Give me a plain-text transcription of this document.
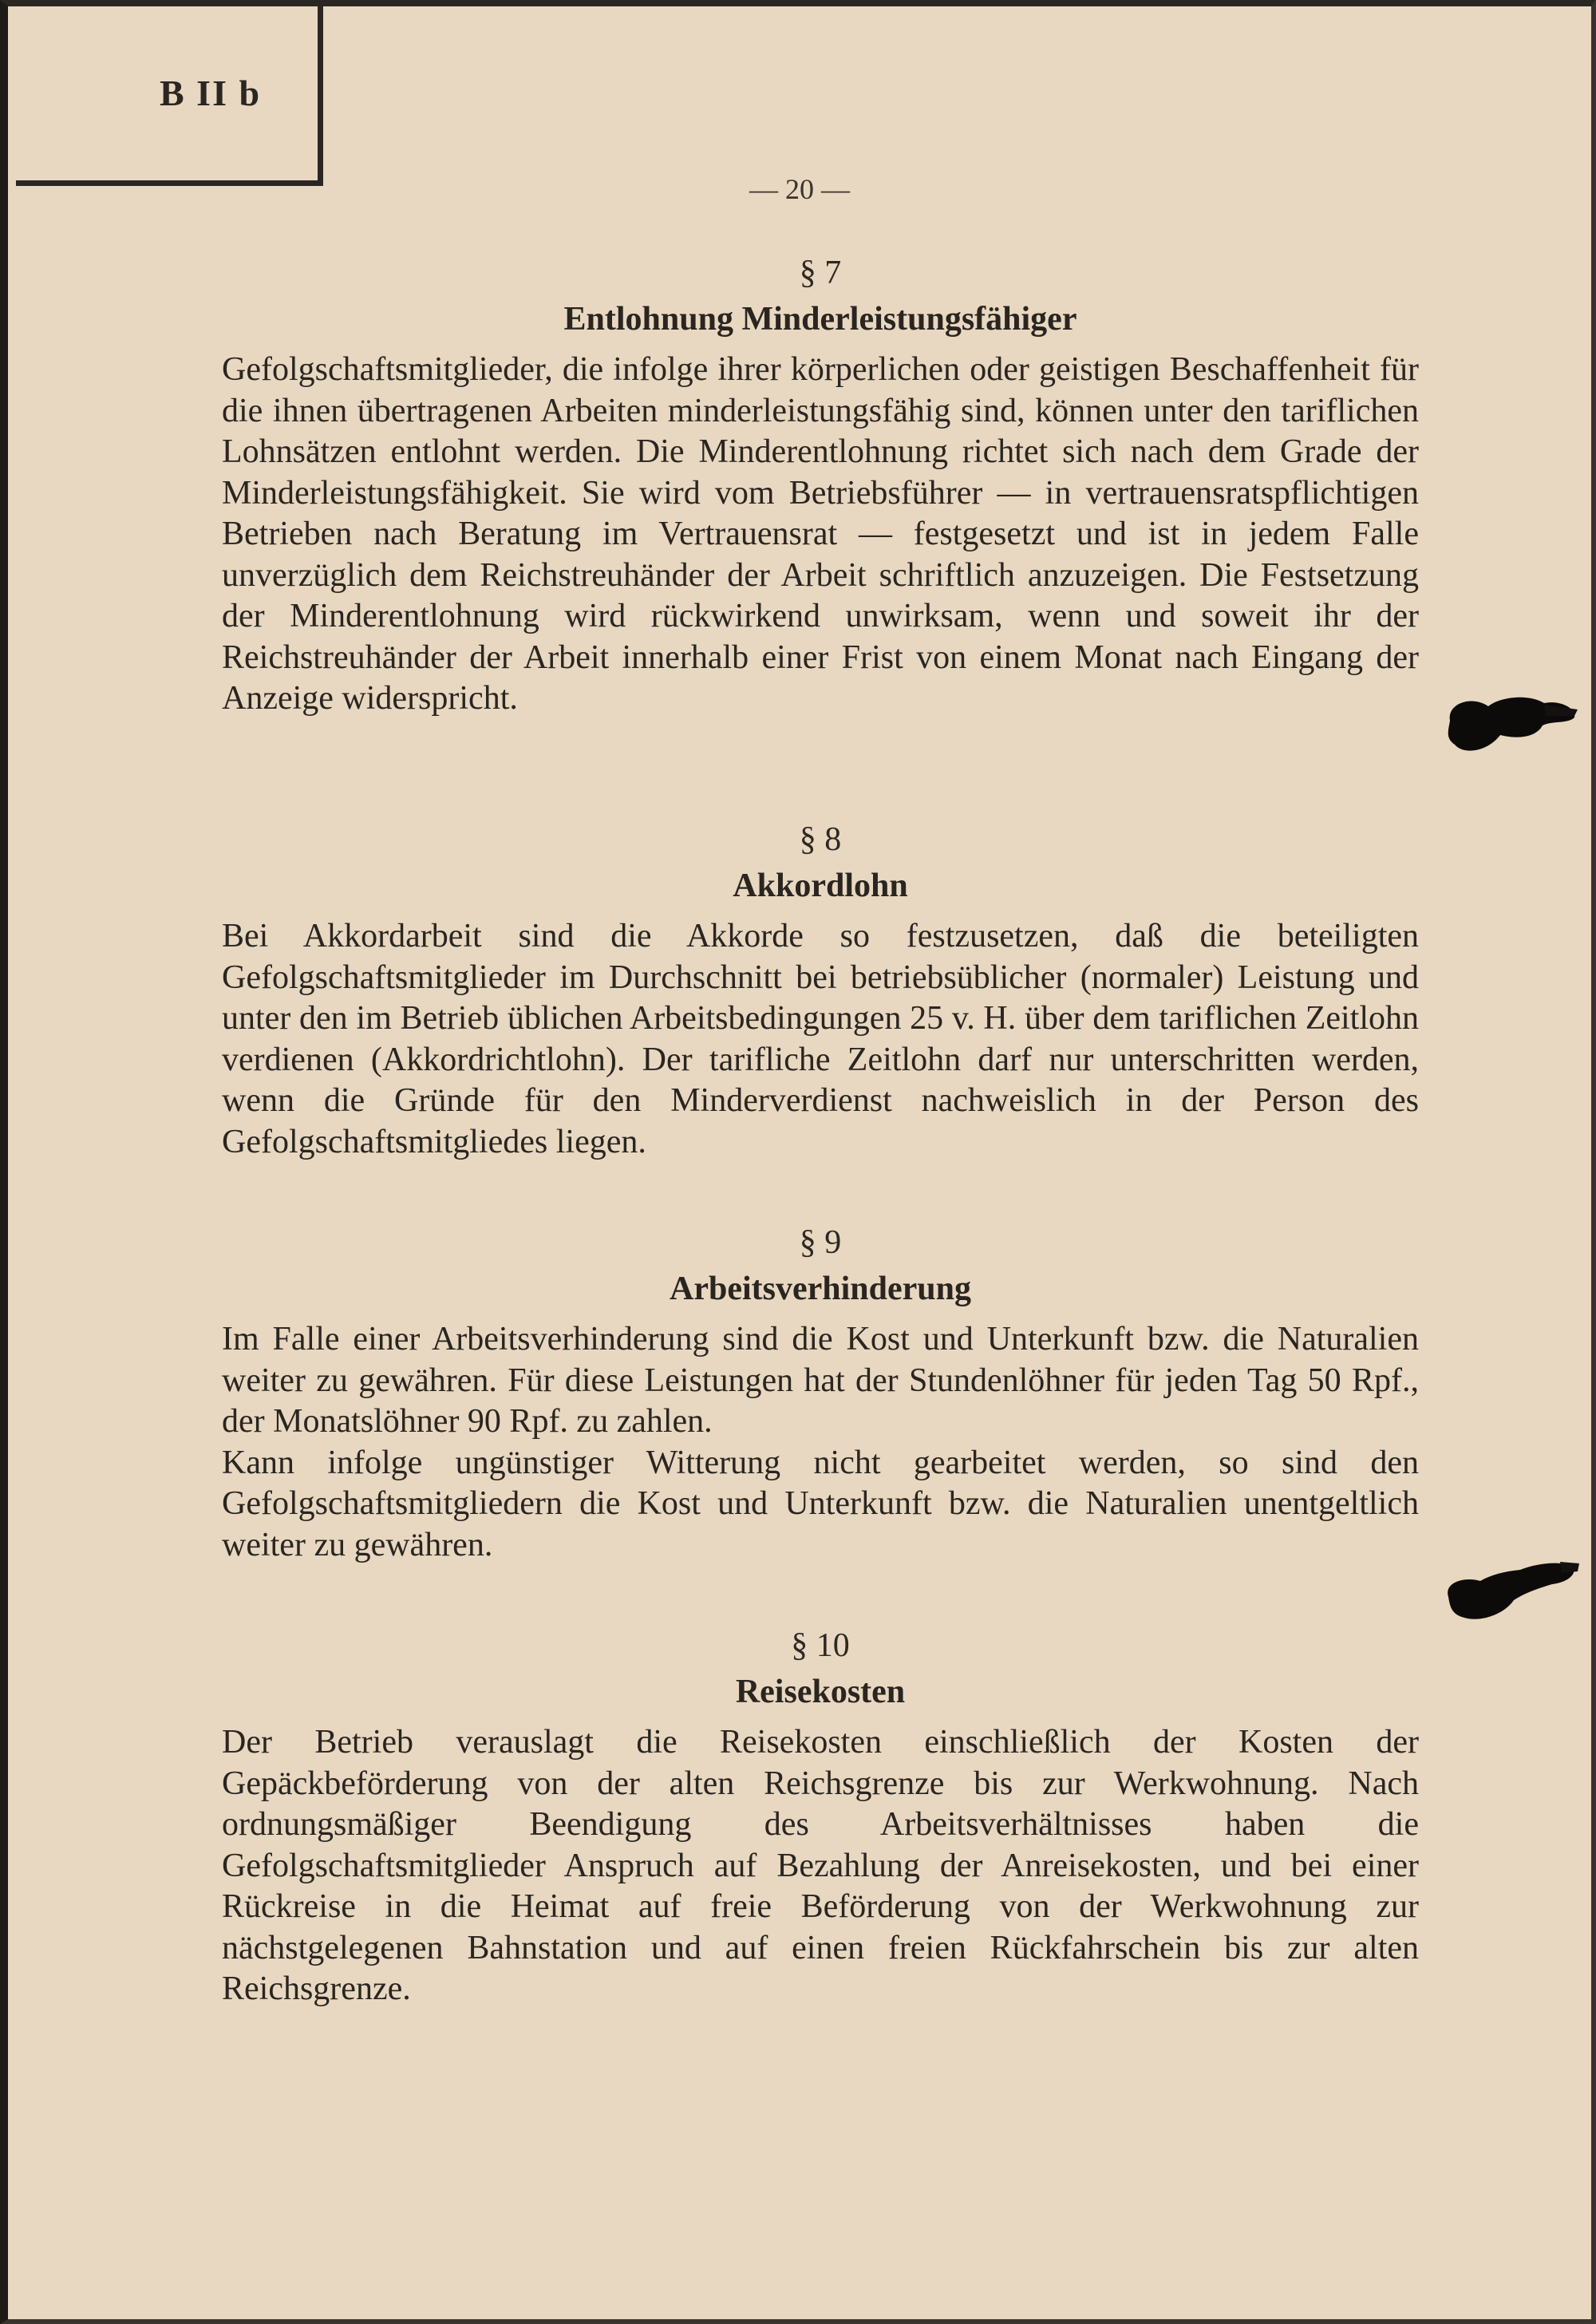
B II b
— 20 —
§ 7
Entlohnung Minderleistungsfähiger

Gefolgschaftsmitglieder, die infolge ihrer körperlichen oder geistigen Beschaffenheit für die ihnen übertragenen Arbeiten minderleistungsfähig sind, können unter den tariflichen Lohnsätzen entlohnt werden. Die Minderentlohnung richtet sich nach dem Grade der Minderleistungsfähigkeit. Sie wird vom Betriebsführer — in vertrauensratspflichtigen Betrieben nach Beratung im Vertrauensrat — festgesetzt und ist in jedem Falle unverzüglich dem Reichstreuhänder der Arbeit schriftlich anzuzeigen. Die Festsetzung der Minderentlohnung wird rückwirkend unwirksam, wenn und soweit ihr der Reichstreuhänder der Arbeit innerhalb einer Frist von einem Monat nach Eingang der Anzeige widerspricht.

§ 8
Akkordlohn

Bei Akkordarbeit sind die Akkorde so festzusetzen, daß die beteiligten Gefolgschaftsmitglieder im Durchschnitt bei betriebsüblicher (normaler) Leistung und unter den im Betrieb üblichen Arbeitsbedingungen 25 v. H. über dem tariflichen Zeitlohn verdienen (Akkordrichtlohn). Der tarifliche Zeitlohn darf nur unterschritten werden, wenn die Gründe für den Minderverdienst nachweislich in der Person des Gefolgschaftsmitgliedes liegen.

§ 9
Arbeitsverhinderung

Im Falle einer Arbeitsverhinderung sind die Kost und Unterkunft bzw. die Naturalien weiter zu gewähren. Für diese Leistungen hat der Stundenlöhner für jeden Tag 50 Rpf., der Monatslöhner 90 Rpf. zu zahlen.

Kann infolge ungünstiger Witterung nicht gearbeitet werden, so sind den Gefolgschaftsmitgliedern die Kost und Unterkunft bzw. die Naturalien unentgeltlich weiter zu gewähren.

§ 10
Reisekosten

Der Betrieb verauslagt die Reisekosten einschließlich der Kosten der Gepäckbeförderung von der alten Reichsgrenze bis zur Werkwohnung. Nach ordnungsmäßiger Beendigung des Arbeitsverhältnisses haben die Gefolgschaftsmitglieder Anspruch auf Bezahlung der Anreisekosten, und bei einer Rückreise in die Heimat auf freie Beförderung von der Werkwohnung zur nächstgelegenen Bahnstation und auf einen freien Rückfahrschein bis zur alten Reichsgrenze.
